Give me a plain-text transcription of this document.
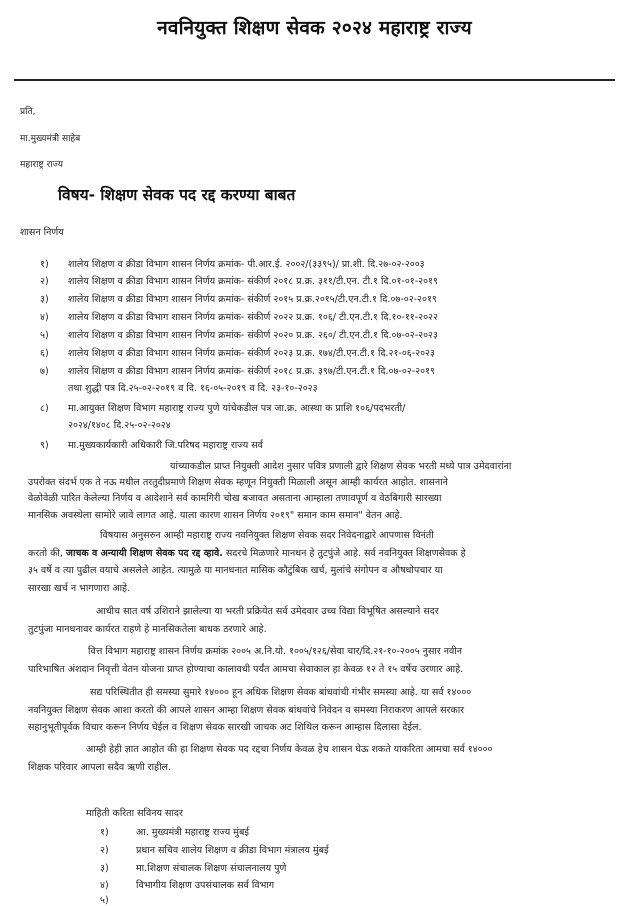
नवनियुक्त शिक्षण सेवक २०२४ महाराष्ट्र राज्य
प्रति,
मा.मुख्यमंत्री साहेब
महाराष्ट्र राज्य
विषय- शिक्षण सेवक पद रद्द करण्या बाबत
शासन निर्णय
१) शालेय शिक्षण व क्रीडा विभाग शासन निर्णय क्रमांक- पी.आर.ई. २००२/(३३९५)/ प्रा.शी. दि.२७-०२-२००३
२) शालेय शिक्षण व क्रीडा विभाग शासन निर्णय क्रमांक- संकीर्ण २०१८ प्र.क्र. ३११/टी.एन. टी.१ दि.०१-०१-२०१९
३) शालेय शिक्षण व क्रीडा विभाग शासन निर्णय क्रमांक- संकीर्ण २०१५ प्र.क्र.२०१५/टी.एन.टी.१ दि.०७-०२-२०१९
४) शालेय शिक्षण व क्रीडा विभाग शासन निर्णय क्रमांक- संकीर्ण २०२२ प्र.क्र. १०६/ टी.एन.टी.१ दि.१०-११-२०२२
५) शालेय शिक्षण व क्रीडा विभाग शासन निर्णय क्रमांक- संकीर्ण २०२० प्र.क्र. २६०/ टी.एन.टी.१ दि.०७-०२-२०२३
६) शालेय शिक्षण व क्रीडा विभाग शासन निर्णय क्रमांक- संकीर्ण २०२३ प्र.क्र. १७४/टी.एन.टी.१ दि.२१-०६-२०२३
७) शालेय शिक्षण व क्रीडा विभाग शासन निर्णय क्रमांक- संकीर्ण २०१८ प्र.क्र. ३९७/टी.एन.टी.१ दि.०७-०२-२०१९
तथा शुद्धी पत्र दि.२५-०२-२०१९ व दि. १६-०५-२०१९ व दि. २३-१०-२०२३
८) मा.आयुक्त शिक्षण विभाग महाराष्ट्र राज्य पुणे यांचेकडील पत्र जा.क्र. आस्था क प्राशि १०६/पदभरती/
२०२४/१४०८ दि.२५-०२-२०२४
९) मा.मुख्यकार्यकारी अधिकारी जि.परिषद महाराष्ट्र राज्य सर्व
यांच्याकडील प्राप्त नियुक्ती आदेश नुसार पवित्र प्रणाली द्वारे शिक्षण सेवक भरती मध्ये पात्र उमेदवारांना
उपरोक्त संदर्भ एक ते नऊ मधील तरतुदीप्रमाणे शिक्षण सेवक म्हणून नियुक्ती मिळाली असून आम्ही कार्यरत आहोत. शासनाने
वेळोवेळी पारित केलेल्या निर्णय व आदेशाने सर्व कामगिरी चोख बजावत असताना आम्हाला तणावपूर्ण व वेठबिगारी सारख्या
मानसिक अवस्थेला सामोरे जावे लागत आहे. याला कारण शासन निर्णय २०१९" समान काम समान" वेतन आहे.
विषयास अनुसरुन आम्ही महाराष्ट्र राज्य नवनियुक्त शिक्षण सेवक सदर निवेदनाद्वारे आपणास विनंती
करतो की, जाचक व अन्यायी शिक्षण सेवक पद रद्द व्हावे. सदरचे मिळणारे मानधन हे तुटपुंजे आहे. सर्व नवनियुक्त शिक्षणसेवक हे
३५ वर्षे व त्या पुढील वयाचे असलेले आहेत. त्यामुळे या मानधनात मासिक कौटुंबिक खर्च, मुलांचे संगोपन व औषधोपचार या
सारखा खर्च न भागणारा आहे.
आधीच सात वर्ष उशिराने झालेल्या या भरती प्रक्रियेत सर्व उमेदवार उच्च विद्या विभूषित असल्याने सदर
तुटपुंजा मानधनावर कार्यरत राहणे हे मानसिकतेला बाधक ठरणारे आहे.
वित्त विभाग महाराष्ट्र शासन निर्णय क्रमांक २००५ अ.नि.यो. १००५/१२६/सेवा चार/दि.२१-१०-२००५ नुसार नवीन
पारिभाषित अंशदान निवृत्ती वेतन योजना प्राप्त होण्याचा कालावधी पर्यंत आमचा सेवाकाल हा केवळ १२ ते १५ वर्षेच उरणार आहे.
सद्य परिस्थितीत ही समस्या सुमारे १४००० हून अधिक शिक्षण सेवक बांधवांची गंभीर समस्या आहे. या सर्व १४०००
नवनियुक्त शिक्षण सेवक आशा करतो की आपले शासन आम्हा शिक्षण सेवक बांधवांचे निवेदन व समस्या निराकरण आपले सरकार
सहानुभूतीपूर्वक विचार करून निर्णय घेईल व शिक्षण सेवक सारखी जाचक अट शिथिल करून आम्हास दिलासा देईल.
आम्ही हेही ज्ञात आहोत की हा शिक्षण सेवक पद रद्दचा निर्णय केवळ हेच शासन घेऊ शकते याकरिता आमचा सर्व १४०००
शिक्षक परिवार आपला सदैव ऋणी राहील.
माहिती करिता सविनय सादर
१)	आ. मुख्यमंत्री महाराष्ट्र राज्य मुंबई
२)	प्रधान सचिव शालेय शिक्षण व क्रीडा विभाग मंत्रालय मुंबई
३)	मा.शिक्षण संचालक शिक्षण संचालनालय पुणे
४)	विभागीय शिक्षण उपसंचालक सर्व विभाग
५)
